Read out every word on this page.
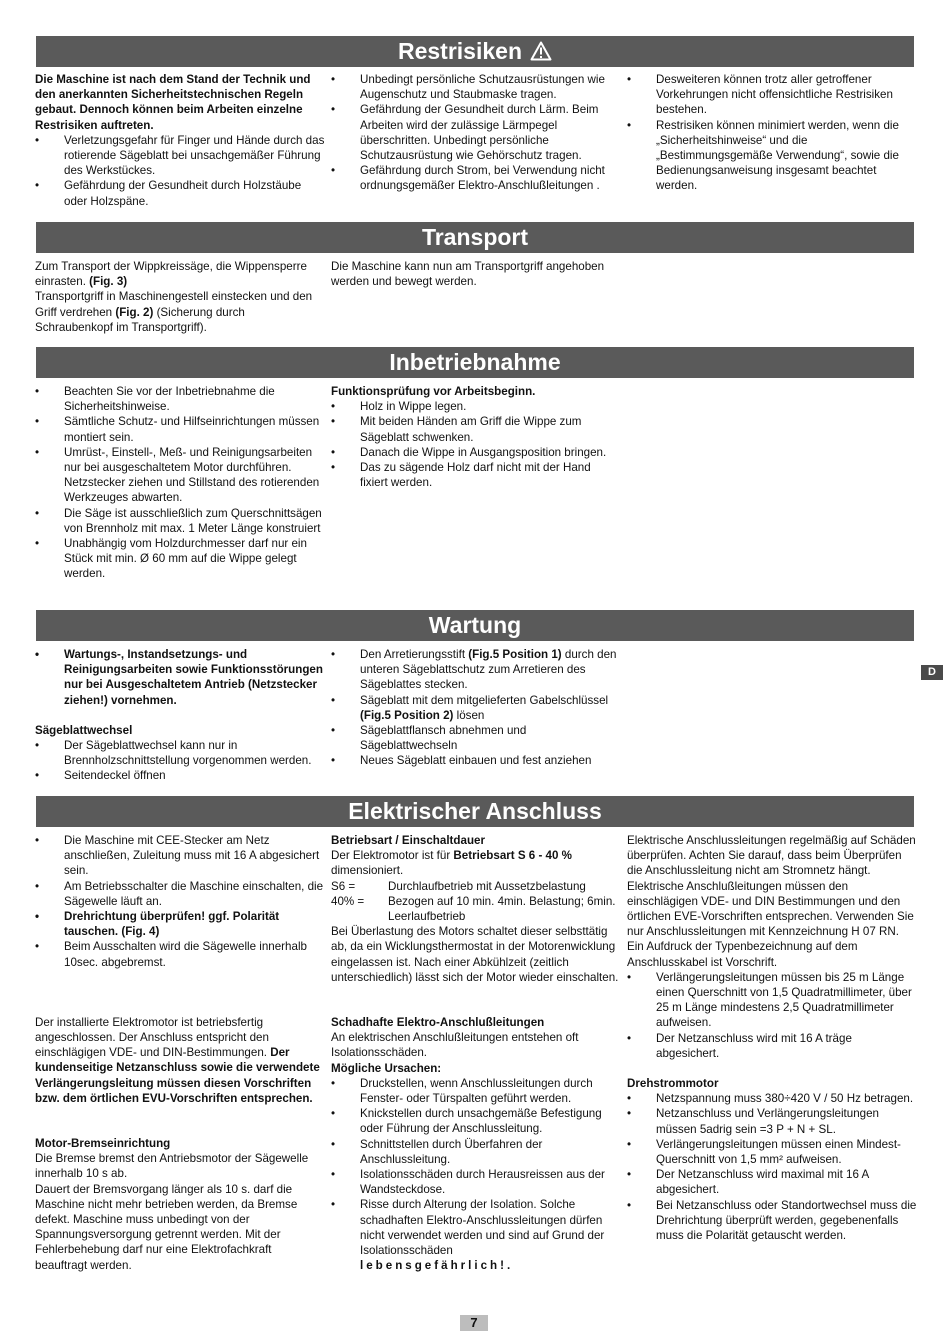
Restrisiken

Die Maschine ist nach dem Stand der Technik und den anerkannten Sicherheitstechnischen Regeln gebaut. Dennoch können beim Arbeiten einzelne Restrisiken auftreten.

• Verletzungsgefahr für Finger und Hände durch das rotierende Sägeblatt bei unsachgemäßer Führung des Werkstückes.
• Gefährdung der Gesundheit durch Holzstäube oder Holzspäne.
• Unbedingt persönliche Schutzausrüstungen wie Augenschutz und Staubmaske tragen.
• Gefährdung der Gesundheit durch Lärm. Beim Arbeiten wird der zulässige Lärmpegel überschritten. Unbedingt persönliche Schutzausrüstung wie Gehörschutz tragen.
• Gefährdung durch Strom, bei Verwendung nicht ordnungsgemäßer Elektro-Anschlußleitungen .
• Desweiteren können trotz aller getroffener Vorkehrungen nicht offensichtliche Restrisiken bestehen.
• Restrisiken können minimiert werden, wenn die „Sicherheitshinweise“ und die „Bestimmungsgemäße Verwendung“, sowie die Bedienungsanweisung insgesamt beachtet werden.
Transport

Zum Transport der Wippkreissäge, die Wippensperre einrasten. (Fig. 3)

Transportgriff in Maschinengestell einstecken und den Griff verdrehen (Fig. 2) (Sicherung durch Schraubenkopf im Transportgriff).

Die Maschine kann nun am Transportgriff angehoben werden und bewegt werden.

Inbetriebnahme
• Beachten Sie vor der Inbetriebnahme die Sicherheitshinweise.
• Sämtliche Schutz- und Hilfseinrichtungen müssen montiert sein.
• Umrüst-, Einstell-, Meß- und Reinigungsarbeiten nur bei ausgeschaltetem Motor durchführen. Netzstecker ziehen und Stillstand des rotierenden Werkzeuges abwarten.
• Die Säge ist ausschließlich zum Querschnittsägen von Brennholz mit max. 1 Meter Länge konstruiert
• Unabhängig vom Holzdurchmesser darf nur ein Stück mit min. Ø 60 mm auf die Wippe gelegt werden.

Funktionsprüfung vor Arbeitsbeginn.

• Holz in Wippe legen.
• Mit beiden Händen am Griff die Wippe zum Sägeblatt schwenken.
• Danach die Wippe in Ausgangsposition bringen.
• Das zu sägende Holz darf nicht mit der Hand fixiert werden.
Wartung
• Wartungs-, Instandsetzungs- und Reinigungsarbeiten sowie Funktionsstörungen nur bei Ausgeschaltetem Antrieb (Netzstecker ziehen!) vornehmen.

Sägeblattwechsel

• Der Sägeblattwechsel kann nur in Brennholzschnittstellung vorgenommen werden.
• Seitendeckel öffnen
• Den Arretierungsstift (Fig.5 Position 1) durch den unteren Sägeblattschutz zum Arretieren des Sägeblattes stecken.
• Sägeblatt mit dem mitgelieferten Gabelschlüssel (Fig.5 Position 2) lösen
• Sägeblattflansch abnehmen und Sägeblattwechseln
• Neues Sägeblatt einbauen und fest anziehen
D
Elektrischer Anschluss
• Die Maschine mit CEE-Stecker am Netz anschließen, Zuleitung muss mit 16 A abgesichert sein.
• Am Betriebsschalter die Maschine einschalten, die Sägewelle läuft an.
• Drehrichtung überprüfen! ggf. Polarität tauschen. (Fig. 4)
• Beim Ausschalten wird die Sägewelle innerhalb 10sec. abgebremst.

Der installierte Elektromotor ist betriebsfertig angeschlossen. Der Anschluss entspricht den einschlägigen VDE- und DIN-Bestimmungen. Der kundenseitige Netzanschluss sowie die verwendete Verlängerungsleitung müssen diesen Vorschriften bzw. dem örtlichen EVU-Vorschriften entsprechen.

Motor-Bremseinrichtung

Die Bremse bremst den Antriebsmotor der Sägewelle innerhalb 10 s ab.

Dauert der Bremsvorgang länger als 10 s. darf die Maschine nicht mehr betrieben werden, da Bremse defekt. Maschine muss unbedingt von der Spannungsversorgung getrennt werden. Mit der Fehlerbehebung darf nur eine Elektrofachkraft beauftragt werden.

Betriebsart / Einschaltdauer

Der Elektromotor ist für Betriebsart S 6 - 40 % dimensioniert.

S6 =	Durchlaufbetrieb mit Aussetzbelastung
40% =	Bezogen auf 10 min. 4min. Belastung; 6min. Leerlaufbetrieb

Bei Überlastung des Motors schaltet dieser selbsttätig ab, da ein Wicklungsthermostat in der Motorenwicklung eingelassen ist. Nach einer Abkühlzeit (zeitlich unterschiedlich) lässt sich der Motor wieder einschalten.

Schadhafte Elektro-Anschlußleitungen

An elektrischen Anschlußleitungen entstehen oft Isolationsschäden.

Mögliche Ursachen:

• Druckstellen, wenn Anschlussleitungen durch Fenster- oder Türspalten geführt werden.
• Knickstellen durch unsachgemäße Befestigung oder Führung der Anschlussleitung.
• Schnittstellen durch Überfahren der Anschlussleitung.
• Isolationsschäden durch Herausreissen aus der Wandsteckdose.
• Risse durch Alterung der Isolation. Solche schadhaften Elektro-Anschlussleitungen dürfen nicht verwendet werden und sind auf Grund der Isolationsschäden
lebensgefährlich!.

Elektrische Anschlussleitungen regelmäßig auf Schäden überprüfen. Achten Sie darauf, dass beim Überprüfen die Anschlussleitung nicht am Stromnetz hängt. Elektrische Anschlußleitungen müssen den einschlägigen VDE- und DIN Bestimmungen und den örtlichen EVE-Vorschriften entsprechen. Verwenden Sie nur Anschlussleitungen mit Kennzeichnung H 07 RN. Ein Aufdruck der Typenbezeichnung auf dem Anschlusskabel ist Vorschrift.

• Verlängerungsleitungen müssen bis 25 m Länge einen Querschnitt von 1,5 Quadratmillimeter, über 25 m Länge mindestens 2,5 Quadratmillimeter aufweisen.
• Der Netzanschluss wird mit 16 A träge abgesichert.

Drehstrommotor

• Netzspannung muss 380÷420 V / 50 Hz betragen.
• Netzanschluss und Verlängerungsleitungen müssen 5adrig sein =3 P + N + SL.
• Verlängerungsleitungen müssen einen Mindest-Querschnitt von 1,5 mm² aufweisen.
• Der Netzanschluss wird maximal mit 16 A abgesichert.
• Bei Netzanschluss oder Standortwechsel muss die Drehrichtung überprüft werden, gegebenenfalls muss die Polarität getauscht werden.
7
